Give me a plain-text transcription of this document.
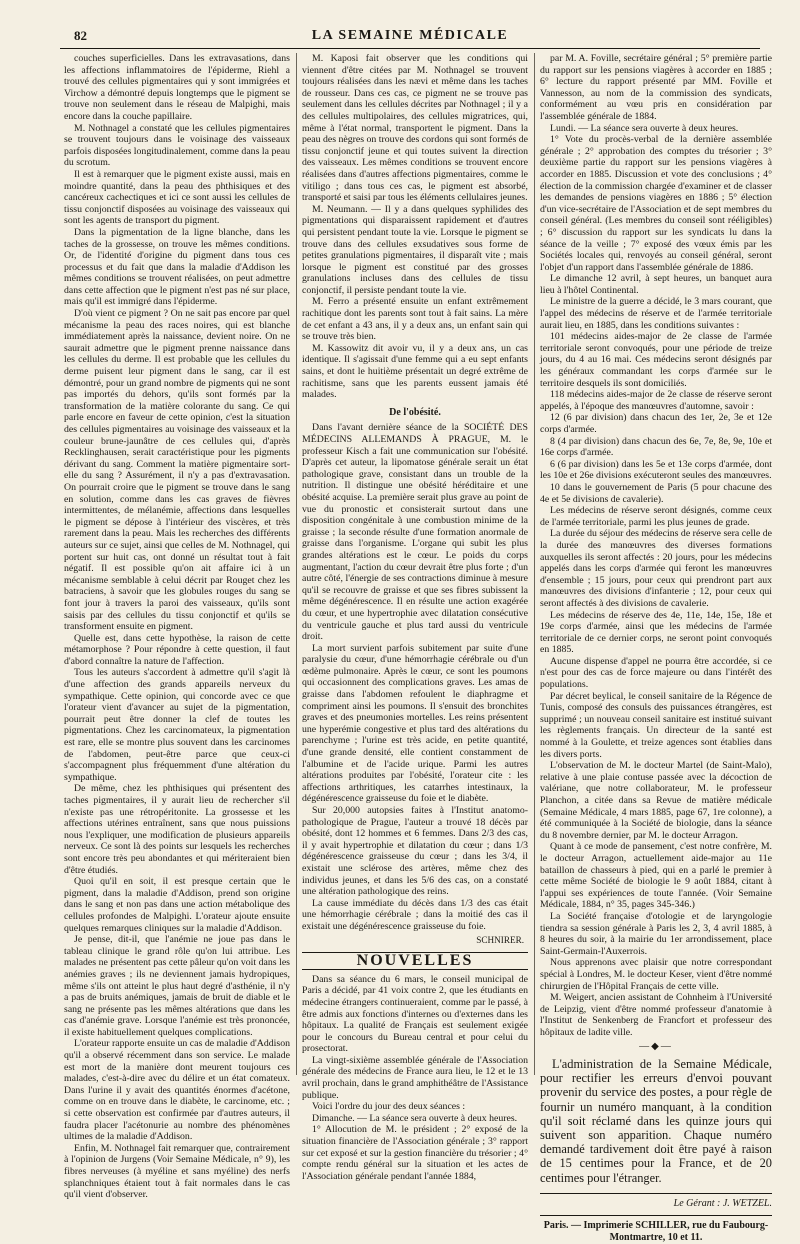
82	LA SEMAINE MÉDICALE

couches superficielles. Dans les extravasations, dans les affections inflammatoires de l'épiderme, Riehl a trouvé des cellules pigmentaires qui y sont immigrées et Virchow a démontré depuis longtemps que le pigment se trouve non seulement dans le réseau de Malpighi, mais encore dans la couche papillaire.

M. Nothnagel a constaté que les cellules pigmentaires se trouvent toujours dans le voisinage des vaisseaux parfois disposées longitudinalement, comme dans la peau du scrotum.

Il est à remarquer que le pigment existe aussi, mais en moindre quantité, dans la peau des phthisiques et des cancéreux cachectiques et ici ce sont aussi les cellules de tissu conjonctif disposées au voisinage des vaisseaux qui sont les agents de transport du pigment.

Dans la pigmentation de la ligne blanche, dans les taches de la grossesse, on trouve les mêmes conditions. Or, de l'identité d'origine du pigment dans tous ces processus et du fait que dans la maladie d'Addison les mêmes conditions se trouvent réalisées, on peut admettre dans cette affection que le pigment n'est pas né sur place, mais qu'il est immigré dans l'épiderme.

D'où vient ce pigment ? On ne sait pas encore par quel mécanisme la peau des races noires, qui est blanche immédiatement après la naissance, devient noire. On ne saurait admettre que le pigment prenne naissance dans les cellules du derme. Il est probable que les cellules du derme puisent leur pigment dans le sang, car il est démontré, pour un grand nombre de pigments qui ne sont pas importés du dehors, qu'ils sont formés par la transformation de la matière colorante du sang. Ce qui parle encore en faveur de cette opinion, c'est la situation des cellules pigmentaires au voisinage des vaisseaux et la couleur brune-jaunâtre de ces cellules qui, d'après Recklinghausen, serait caractéristique pour les pigments dérivant du sang. Comment la matière pigmentaire sort-elle du sang ? Assurément, il n'y a pas d'extravasation. On pourrait croire que le pigment se trouve dans le sang en solution, comme dans les cas graves de fièvres intermittentes, de mélanémie, affections dans lesquelles le pigment se dépose à l'intérieur des viscères, et très rarement dans la peau. Mais les recherches des différents auteurs sur ce sujet, ainsi que celles de M. Nothnagel, qui portent sur huit cas, ont donné un résultat tout à fait négatif. Il est possible qu'on ait affaire ici à un mécanisme semblable à celui décrit par Rouget chez les batraciens, à savoir que les globules rouges du sang se font jour à travers la paroi des vaisseaux, qu'ils sont saisis par des cellules du tissu conjonctif et qu'ils se transforment ensuite en pigment.

Quelle est, dans cette hypothèse, la raison de cette métamorphose ? Pour répondre à cette question, il faut d'abord connaître la nature de l'affection.

Tous les auteurs s'accordent à admettre qu'il s'agit là d'une affection des grands appareils nerveux du sympathique. Cette opinion, qui concorde avec ce que l'orateur vient d'avancer au sujet de la pigmentation, pourrait peut être donner la clef de toutes les pigmentations. Chez les carcinomateux, la pigmentation est rare, elle se montre plus souvent dans les carcinomes de l'abdomen, peut-être parce que ceux-ci s'accompagnent plus fréquemment d'une altération du sympathique.

De même, chez les phthisiques qui présentent des taches pigmentaires, il y aurait lieu de rechercher s'il n'existe pas une rétropéritonite. La grossesse et les affections utérines entraînent, sans que nous puissions nous l'expliquer, une modification de plusieurs appareils nerveux. Ce sont là des points sur lesquels les recherches sont encore très peu abondantes et qui mériteraient bien d'être étudiés.

Quoi qu'il en soit, il est presque certain que le pigment, dans la maladie d'Addison, prend son origine dans le sang et non pas dans une action métabolique des cellules profondes de Malpighi. L'orateur ajoute ensuite quelques remarques cliniques sur la maladie d'Addison.

Je pense, dit-il, que l'anémie ne joue pas dans le tableau clinique le grand rôle qu'on lui attribue. Les malades ne présentent pas cette pâleur qu'on voit dans les anémies graves ; ils ne deviennent jamais hydropiques, même s'ils ont atteint le plus haut degré d'asthénie, il n'y a pas de bruits anémiques, jamais de bruit de diable et le sang ne présente pas les mêmes altérations que dans les cas d'anémie grave. Lorsque l'anémie est très prononcée, il existe habituellement quelques complications.

L'orateur rapporte ensuite un cas de maladie d'Addison qu'il a observé récemment dans son service. Le malade est mort de la manière dont meurent toujours ces malades, c'est-à-dire avec du délire et un état comateux. Dans l'urine il y avait des quantités énormes d'acétone, comme on en trouve dans le diabète, le carcinome, etc. ; si cette observation est confirmée par d'autres auteurs, il faudra placer l'acétonurie au nombre des phénomènes ultimes de la maladie d'Addison.

Enfin, M. Nothnagel fait remarquer que, contrairement à l'opinion de Jurgens (Voir Semaine Médicale, n° 9), les fibres nerveuses (à myéline et sans myéline) des nerfs splanchniques étaient tout à fait normales dans le cas qu'il vient d'observer.

M. Kaposi fait observer que les conditions qui viennent d'être citées par M. Nothnagel se trouvent toujours réalisées dans les nævi et même dans les taches de rousseur. Dans ces cas, ce pigment ne se trouve pas seulement dans les cellules décrites par Nothnagel ; il y a des cellules multipolaires, des cellules migratrices, qui, même à l'état normal, transportent le pigment. Dans la peau des nègres on trouve des cordons qui sont formés de tissu conjonctif jeune et qui toutes suivent la direction des vaisseaux. Les mêmes conditions se trouvent encore réalisées dans d'autres affections pigmentaires, comme le vitiligo ; dans tous ces cas, le pigment est absorbé, transporté et saisi par tous les éléments cellulaires jeunes.

M. Neumann. — Il y a dans quelques syphilides des pigmentations qui disparaissent rapidement et d'autres qui persistent pendant toute la vie. Lorsque le pigment se trouve dans des cellules exsudatives sous forme de petites granulations pigmentaires, il disparaît vite ; mais lorsque le pigment est constitué par des grosses granulations incluses dans des cellules de tissu conjonctif, il persiste pendant toute la vie.

M. Ferro a présenté ensuite un enfant extrêmement rachitique dont les parents sont tout à fait sains. La mère de cet enfant a 43 ans, il y a deux ans, un enfant sain qui se trouve très bien.

M. Kassowitz dit avoir vu, il y a deux ans, un cas identique. Il s'agissait d'une femme qui a eu sept enfants sains, et dont le huitième présentait un degré extrême de rachitisme, sans que les parents eussent jamais été malades.

De l'obésité.

Dans l'avant dernière séance de la SOCIÉTÉ DES MÉDECINS ALLEMANDS À PRAGUE, M. le professeur Kisch a fait une communication sur l'obésité. D'après cet auteur, la lipomatose générale serait un état pathologique grave, consistant dans un trouble de la nutrition. Il distingue une obésité héréditaire et une obésité acquise. La première serait plus grave au point de vue du pronostic et consisterait surtout dans une disposition congénitale à une combustion minime de la graisse ; la seconde résulte d'une formation anormale de graisse dans l'organisme. L'organe qui subit les plus grandes altérations est le cœur. Le poids du corps augmentant, l'action du cœur devrait être plus forte ; d'un autre côté, l'énergie de ses contractions diminue à mesure qu'il se recouvre de graisse et que ses fibres subissent la même dégénérescence. Il en résulte une action exagérée du cœur, et une hypertrophie avec dilatation consécutive du ventricule gauche et plus tard aussi du ventricule droit.

La mort survient parfois subitement par suite d'une paralysie du cœur, d'une hémorrhagie cérébrale ou d'un œdème pulmonaire. Après le cœur, ce sont les poumons qui occasionnent des complications graves. Les amas de graisse dans l'abdomen refoulent le diaphragme et compriment ainsi les poumons. Il s'ensuit des bronchites graves et des pneumonies mortelles. Les reins présentent une hyperémie congestive et plus tard des altérations du parenchyme ; l'urine est très acide, en petite quantité, d'une grande densité, elle contient constamment de l'albumine et de l'acide urique. Parmi les autres altérations produites par l'obésité, l'orateur cite : les affections arthritiques, les catarrhes intestinaux, la dégénérescence graisseuse du foie et le diabète.

Sur 20,000 autopsies faites à l'Institut anatomo-pathologique de Prague, l'auteur a trouvé 18 décès par obésité, dont 12 hommes et 6 femmes. Dans 2/3 des cas, il y avait hypertrophie et dilatation du cœur ; dans 1/3 dégénérescence graisseuse du cœur ; dans les 3/4, il existait une sclérose des artères, même chez des individus jeunes, et dans les 5/6 des cas, on a constaté une altération pathologique des reins.

La cause immédiate du décès dans 1/3 des cas était une hémorrhagie cérébrale ; dans la moitié des cas il existait une dégénérescence graisseuse du foie.

SCHNIRER.
NOUVELLES

Dans sa séance du 6 mars, le conseil municipal de Paris a décidé, par 41 voix contre 2, que les étudiants en médecine étrangers continueraient, comme par le passé, à être admis aux fonctions d'internes ou d'externes dans les hôpitaux. La qualité de Français est seulement exigée pour le concours du Bureau central et pour celui du prosectorat.

La vingt-sixième assemblée générale de l'Association générale des médecins de France aura lieu, le 12 et le 13 avril prochain, dans le grand amphithéâtre de l'Assistance publique.

Voici l'ordre du jour des deux séances :

Dimanche. — La séance sera ouverte à deux heures.

1° Allocution de M. le président ; 2° exposé de la situation financière de l'Association générale ; 3° rapport sur cet exposé et sur la gestion financière du trésorier ; 4° compte rendu général sur la situation et les actes de l'Association générale pendant l'année 1884,

par M. A. Foville, secrétaire général ; 5° première partie du rapport sur les pensions viagères à accorder en 1885 ; 6° lecture du rapport présenté par MM. Foville et Vannesson, au nom de la commission des syndicats, conformément au vœu pris en considération par l'assemblée générale de 1884.

Lundi. — La séance sera ouverte à deux heures.

1° Vote du procès-verbal de la dernière assemblée générale ; 2° approbation des comptes du trésorier ; 3° deuxième partie du rapport sur les pensions viagères à accorder en 1885. Discussion et vote des conclusions ; 4° élection de la commission chargée d'examiner et de classer les demandes de pensions viagères en 1886 ; 5° élection d'un vice-secrétaire de l'Association et de sept membres du conseil général. (Les membres du conseil sont rééligibles) ; 6° discussion du rapport sur les syndicats lu dans la séance de la veille ; 7° exposé des vœux émis par les Sociétés locales qui, renvoyés au conseil général, seront l'objet d'un rapport dans l'assemblée générale de 1886.

Le dimanche 12 avril, à sept heures, un banquet aura lieu à l'hôtel Continental.

Le ministre de la guerre a décidé, le 3 mars courant, que l'appel des médecins de réserve et de l'armée territoriale aurait lieu, en 1885, dans les conditions suivantes :

101 médecins aides-major de 2e classe de l'armée territoriale seront convoqués, pour une période de treize jours, du 4 au 16 mai. Ces médecins seront désignés par les généraux commandant les corps d'armée sur le territoire desquels ils sont domiciliés.

118 médecins aides-major de 2e classe de réserve seront appelés, à l'époque des manœuvres d'automne, savoir :

12 (6 par division) dans chacun des 1er, 2e, 3e et 12e corps d'armée.

8 (4 par division) dans chacun des 6e, 7e, 8e, 9e, 10e et 16e corps d'armée.

6 (6 par division) dans les 5e et 13e corps d'armée, dont les 10e et 26e divisions exécuteront seules des manœuvres.

10 dans le gouvernement de Paris (5 pour chacune des 4e et 5e divisions de cavalerie).

Les médecins de réserve seront désignés, comme ceux de l'armée territoriale, parmi les plus jeunes de grade.

La durée du séjour des médecins de réserve sera celle de la durée des manœuvres des diverses formations auxquelles ils seront affectés : 20 jours, pour les médecins appelés dans les corps d'armée qui feront les manœuvres d'ensemble ; 15 jours, pour ceux qui prendront part aux manœuvres des divisions d'infanterie ; 12, pour ceux qui seront affectés à des divisions de cavalerie.

Les médecins de réserve des 4e, 11e, 14e, 15e, 18e et 19e corps d'armée, ainsi que les médecins de l'armée territoriale de ce dernier corps, ne seront point convoqués en 1885.

Aucune dispense d'appel ne pourra être accordée, si ce n'est pour des cas de force majeure ou dans l'intérêt des populations.

Par décret beylical, le conseil sanitaire de la Régence de Tunis, composé des consuls des puissances étrangères, est supprimé ; un nouveau conseil sanitaire est institué suivant les règlements français. Un directeur de la santé est nommé à la Goulette, et treize agences sont établies dans les divers ports.

L'observation de M. le docteur Martel (de Saint-Malo), relative à une plaie contuse passée avec la décoction de valériane, que notre collaborateur, M. le professeur Planchon, a citée dans sa Revue de matière médicale (Semaine Médicale, 4 mars 1885, page 67, 1re colonne), a été communiquée à la Société de biologie, dans la séance du 8 novembre dernier, par M. le docteur Arragon.

Quant à ce mode de pansement, c'est notre confrère, M. le docteur Arragon, actuellement aide-major au 11e bataillon de chasseurs à pied, qui en a parlé le premier à cette même Société de biologie le 9 août 1884, citant à l'appui ses expériences de toute l'année. (Voir Semaine Médicale, 1884, n° 35, pages 345-346.)

La Société française d'otologie et de laryngologie tiendra sa session générale à Paris les 2, 3, 4 avril 1885, à 8 heures du soir, à la mairie du 1er arrondissement, place Saint-Germain-l'Auxerrois.

Nous apprenons avec plaisir que notre correspondant spécial à Londres, M. le docteur Keser, vient d'être nommé chirurgien de l'Hôpital Français de cette ville.

M. Weigert, ancien assistant de Cohnheim à l'Université de Leipzig, vient d'être nommé professeur d'anatomie à l'Institut de Senkenberg de Francfort et professeur des hôpitaux de ladite ville.

—◆—

L'administration de la Semaine Médicale, pour rectifier les erreurs d'envoi pouvant provenir du service des postes, a pour règle de fournir un numéro manquant, à la condition qu'il soit réclamé dans les quinze jours qui suivent son apparition. Chaque numéro demandé tardivement doit être payé à raison de 15 centimes pour la France, et de 20 centimes pour l'étranger.

Le Gérant : J. WETZEL.
Paris. — Imprimerie SCHILLER, rue du Faubourg-
Montmartre, 10 et 11.
